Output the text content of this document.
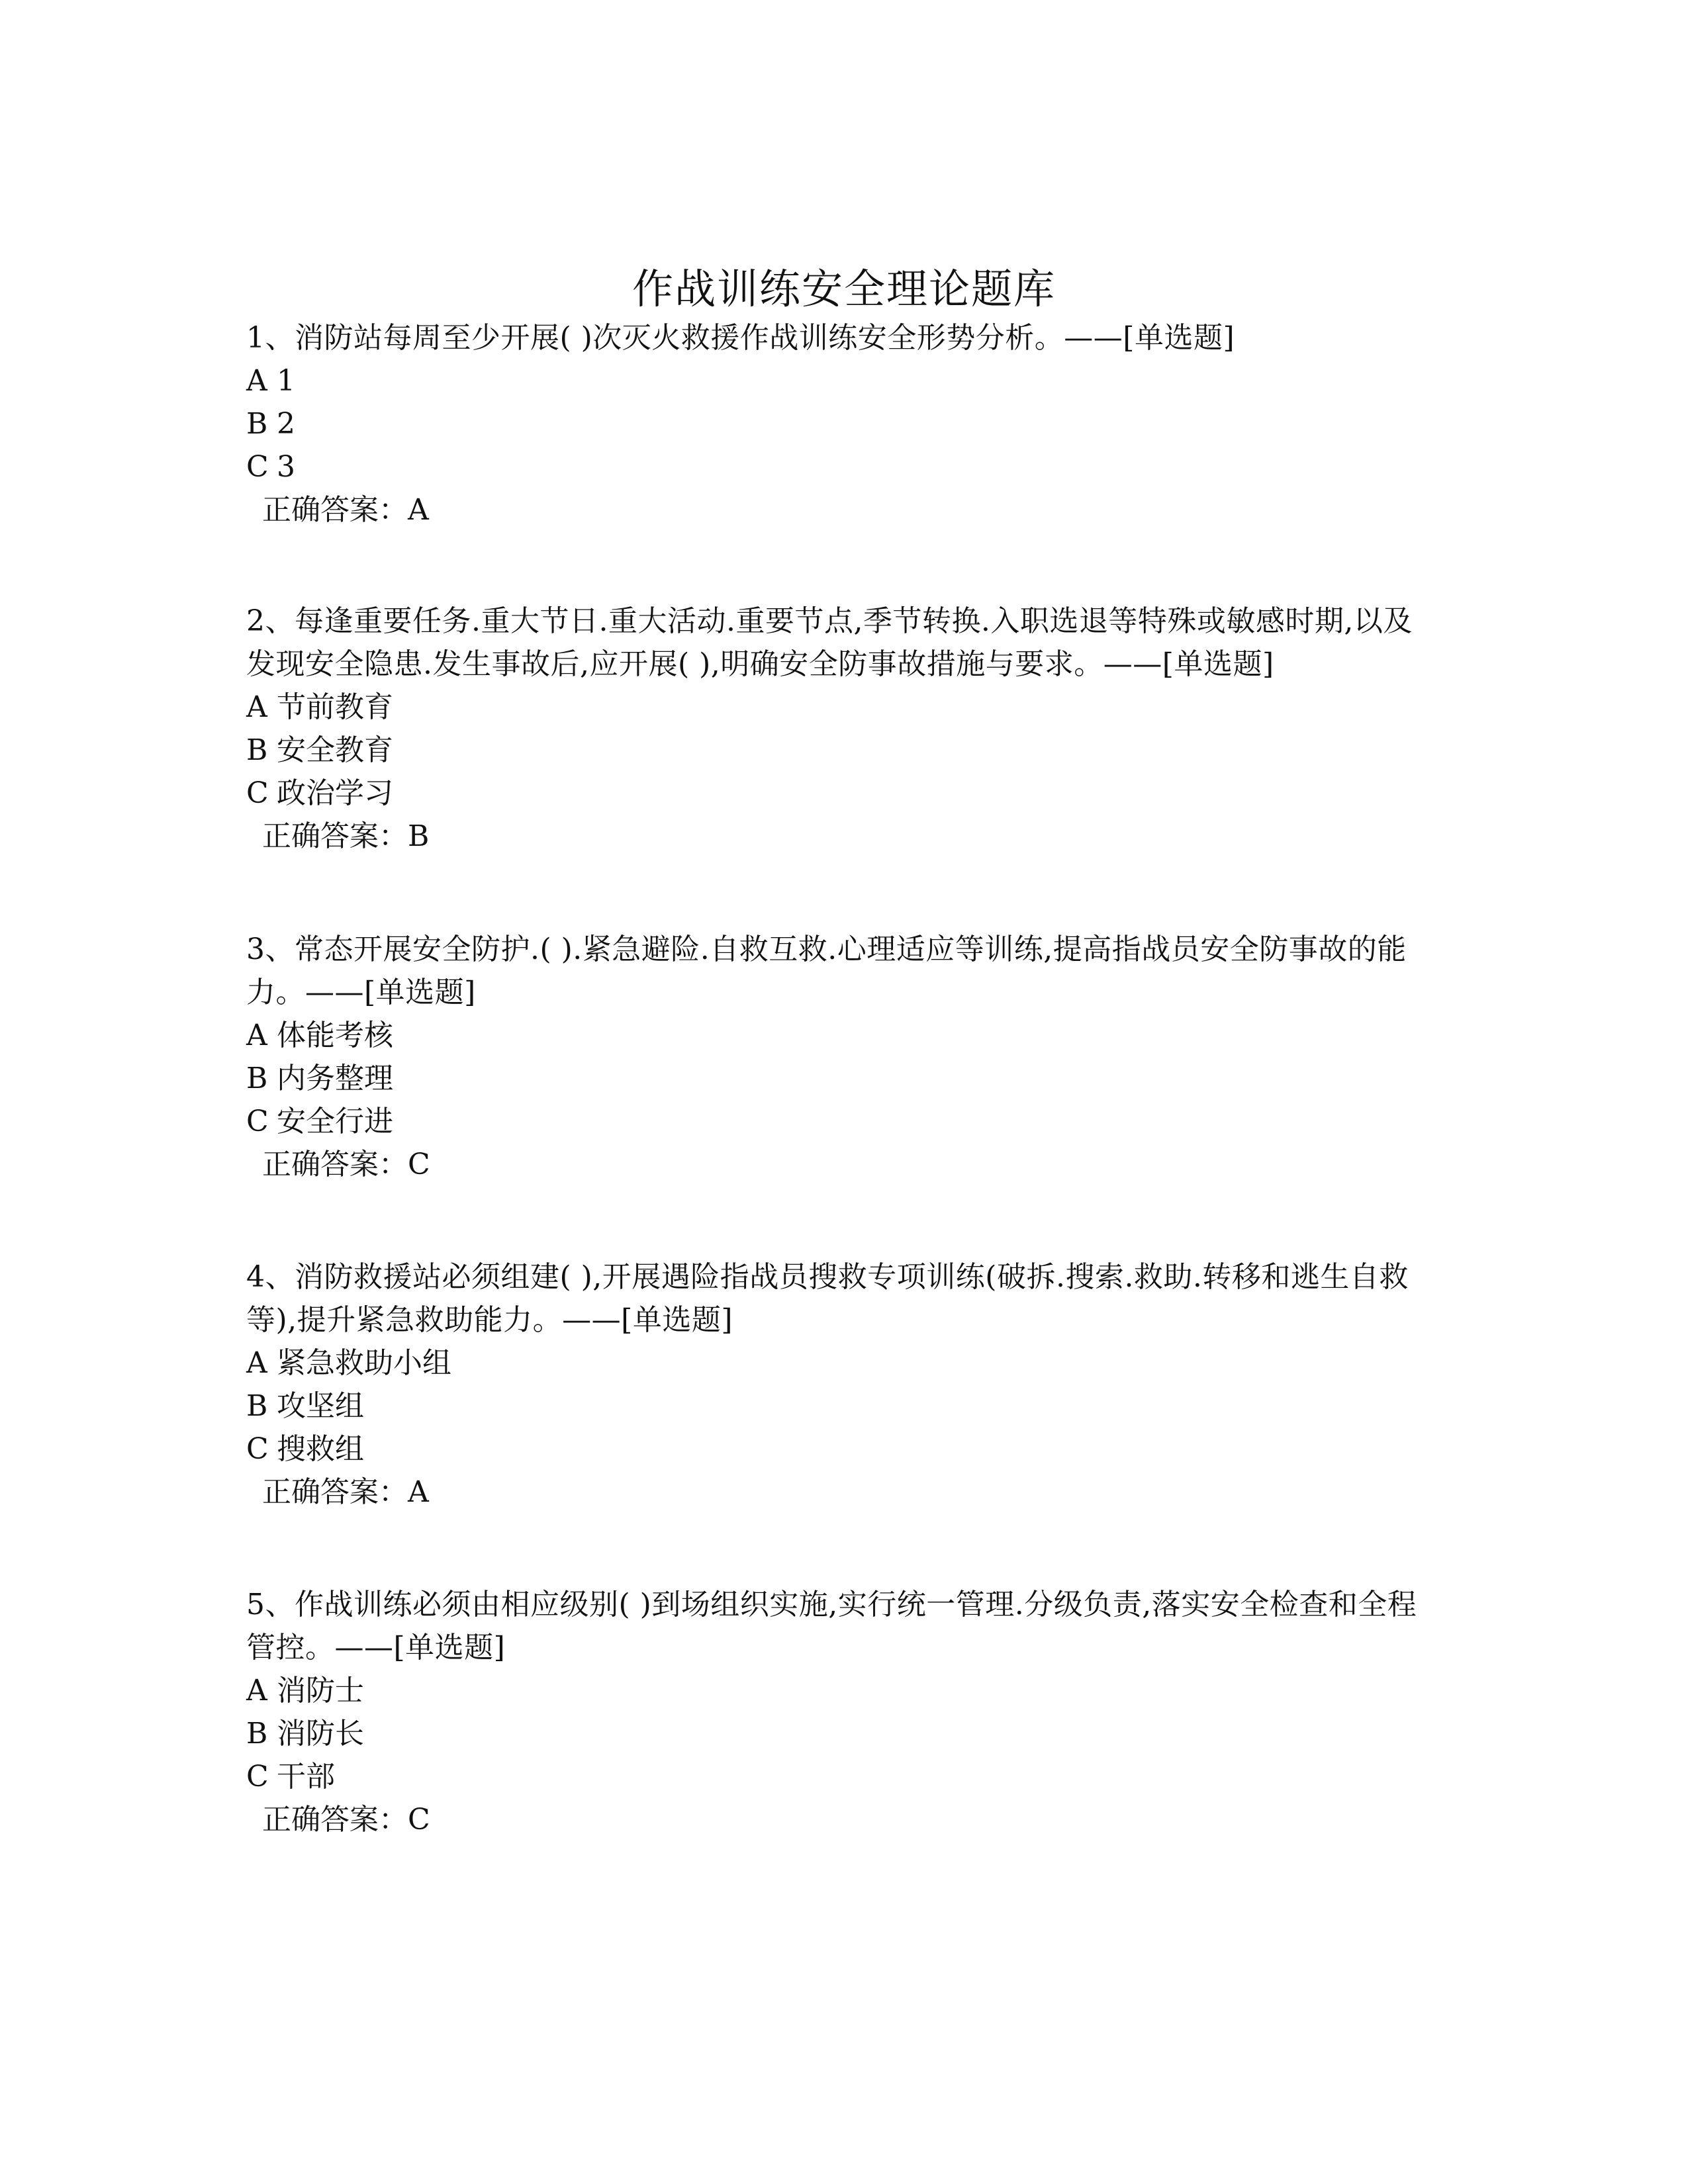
作战训练安全理论题库

1、消防站每周至少开展( )次灭火救援作战训练安全形势分析。——[单选题]

A 1

B 2

C 3

正确答案：A

2、每逢重要任务.重大节日.重大活动.重要节点,季节转换.入职选退等特殊或敏感时期,以及发现安全隐患.发生事故后,应开展( ),明确安全防事故措施与要求。——[单选题]

A 节前教育

B 安全教育

C 政治学习

正确答案：B

3、常态开展安全防护.( ).紧急避险.自救互救.心理适应等训练,提高指战员安全防事故的能力。——[单选题]

A 体能考核

B 内务整理

C 安全行进

正确答案：C

4、消防救援站必须组建( ),开展遇险指战员搜救专项训练(破拆.搜索.救助.转移和逃生自救等),提升紧急救助能力。——[单选题]

A 紧急救助小组

B 攻坚组

C 搜救组

正确答案：A

5、作战训练必须由相应级别( )到场组织实施,实行统一管理.分级负责,落实安全检查和全程管控。——[单选题]

A 消防士

B 消防长

C 干部

正确答案：C
